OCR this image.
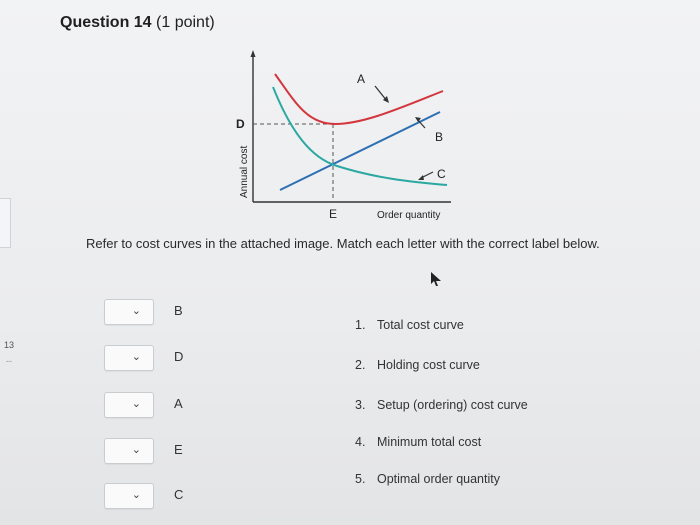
13
--
Question 14 (1 point)
A
B
C
D
E	Order quantity
Annual cost
Refer to cost curves in the attached image. Match each letter with the correct label below.
⌄	B
⌄	D
⌄	A
⌄	E
⌄	C
1. Total cost curve
2. Holding cost curve
3. Setup (ordering) cost curve
4. Minimum total cost
5. Optimal order quantity
